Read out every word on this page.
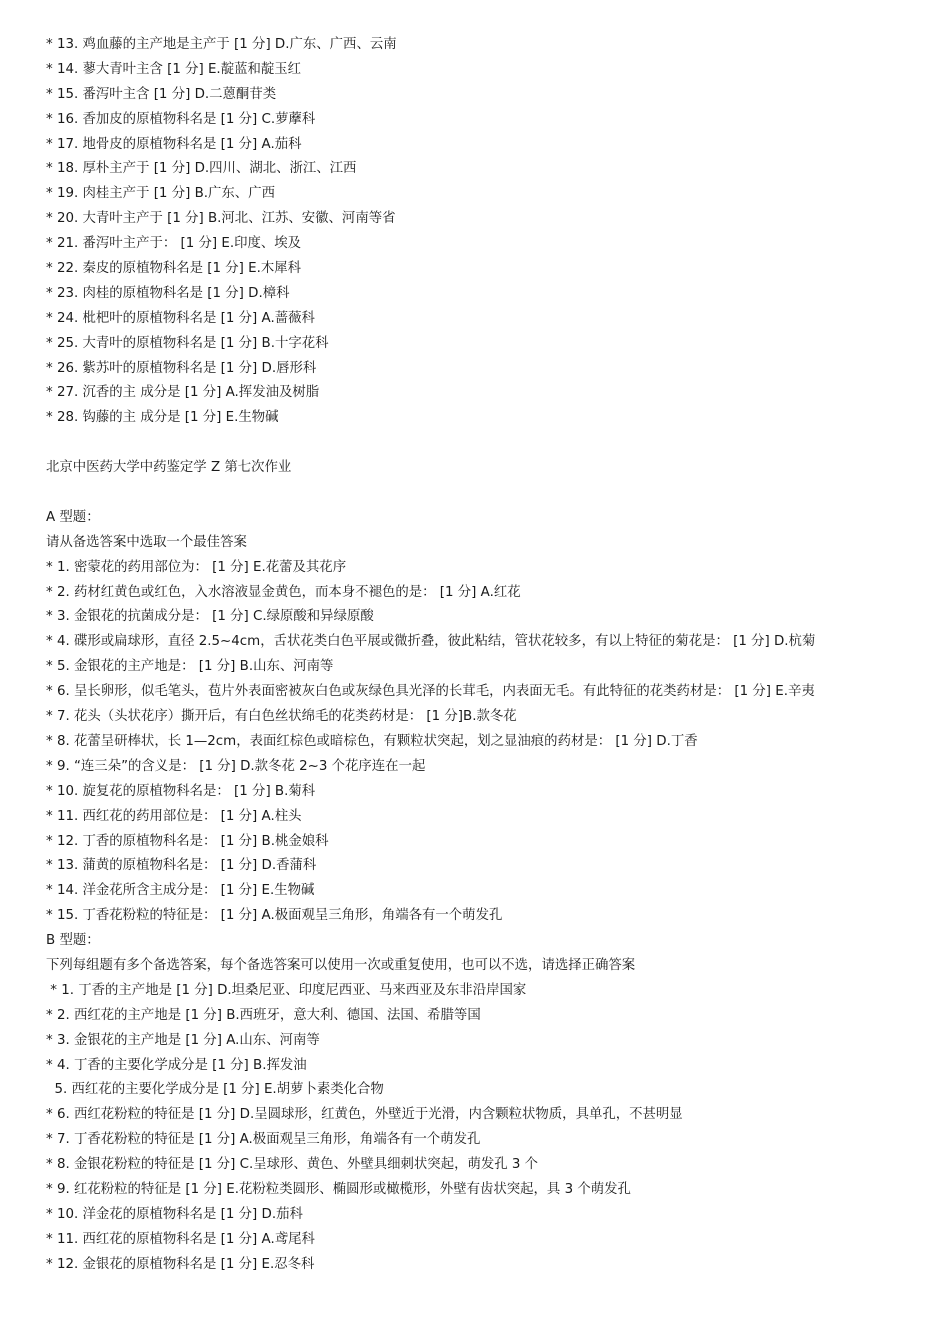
* 13. 鸡血藤的主产地是主产于 [1 分] D.广东、广西、云南
* 14. 蓼大青叶主含 [1 分] E.靛蓝和靛玉红
* 15. 番泻叶主含 [1 分] D.二蒽酮苷类
* 16. 香加皮的原植物科名是 [1 分] C.萝藦科
* 17. 地骨皮的原植物科名是 [1 分] A.茄科
* 18. 厚朴主产于 [1 分] D.四川、湖北、浙江、江西
* 19. 肉桂主产于 [1 分] B.广东、广西
* 20. 大青叶主产于 [1 分] B.河北、江苏、安徽、河南等省
* 21. 番泻叶主产于： [1 分] E.印度、埃及
* 22. 秦皮的原植物科名是 [1 分] E.木犀科
* 23. 肉桂的原植物科名是 [1 分] D.樟科
* 24. 枇杷叶的原植物科名是 [1 分] A.蔷薇科
* 25. 大青叶的原植物科名是 [1 分] B.十字花科
* 26. 紫苏叶的原植物科名是 [1 分] D.唇形科
* 27. 沉香的主 成分是 [1 分] A.挥发油及树脂
* 28. 钩藤的主 成分是 [1 分] E.生物碱
北京中医药大学中药鉴定学 Z 第七次作业
A 型题：
请从备选答案中选取一个最佳答案
* 1. 密蒙花的药用部位为： [1 分] E.花蕾及其花序
* 2. 药材红黄色或红色，入水溶液显金黄色，而本身不褪色的是： [1 分] A.红花
* 3. 金银花的抗菌成分是： [1 分] C.绿原酸和异绿原酸
* 4. 碟形或扁球形，直径 2.5~4cm，舌状花类白色平展或微折叠，彼此粘结，管状花较多，有以上特征的菊花是： [1 分] D.杭菊
* 5. 金银花的主产地是： [1 分] B.山东、河南等
* 6. 呈长卵形，似毛笔头，苞片外表面密被灰白色或灰绿色具光泽的长茸毛，内表面无毛。有此特征的花类药材是： [1 分] E.辛夷
* 7. 花头（头状花序）撕开后，有白色丝状绵毛的花类药材是： [1 分]B.款冬花
* 8. 花蕾呈研棒状，长 1—2cm，表面红棕色或暗棕色，有颗粒状突起，划之显油痕的药材是： [1 分] D.丁香
* 9. “连三朵”的含义是： [1 分] D.款冬花 2~3 个花序连在一起
* 10. 旋复花的原植物科名是： [1 分] B.菊科
* 11. 西红花的药用部位是： [1 分] A.柱头
* 12. 丁香的原植物科名是： [1 分] B.桃金娘科
* 13. 蒲黄的原植物科名是： [1 分] D.香蒲科
* 14. 洋金花所含主成分是： [1 分] E.生物碱
* 15. 丁香花粉粒的特征是： [1 分] A.极面观呈三角形，角端各有一个萌发孔
B 型题：
下列每组题有多个备选答案，每个备选答案可以使用一次或重复使用，也可以不选，请选择正确答案
* 1. 丁香的主产地是 [1 分] D.坦桑尼亚、印度尼西亚、马来西亚及东非沿岸国家
* 2. 西红花的主产地是 [1 分] B.西班牙，意大利、德国、法国、希腊等国
* 3. 金银花的主产地是 [1 分] A.山东、河南等
* 4. 丁香的主要化学成分是 [1 分] B.挥发油
5. 西红花的主要化学成分是 [1 分] E.胡萝卜素类化合物
* 6. 西红花粉粒的特征是 [1 分] D.呈圆球形，红黄色，外壁近于光滑，内含颗粒状物质，具单孔，不甚明显
* 7. 丁香花粉粒的特征是 [1 分] A.极面观呈三角形，角端各有一个萌发孔
* 8. 金银花粉粒的特征是 [1 分] C.呈球形、黄色、外壁具细刺状突起，萌发孔 3 个
* 9. 红花粉粒的特征是 [1 分] E.花粉粒类圆形、椭圆形或橄榄形，外壁有齿状突起，具 3 个萌发孔
* 10. 洋金花的原植物科名是 [1 分] D.茄科
* 11. 西红花的原植物科名是 [1 分] A.鸢尾科
* 12. 金银花的原植物科名是 [1 分] E.忍冬科
